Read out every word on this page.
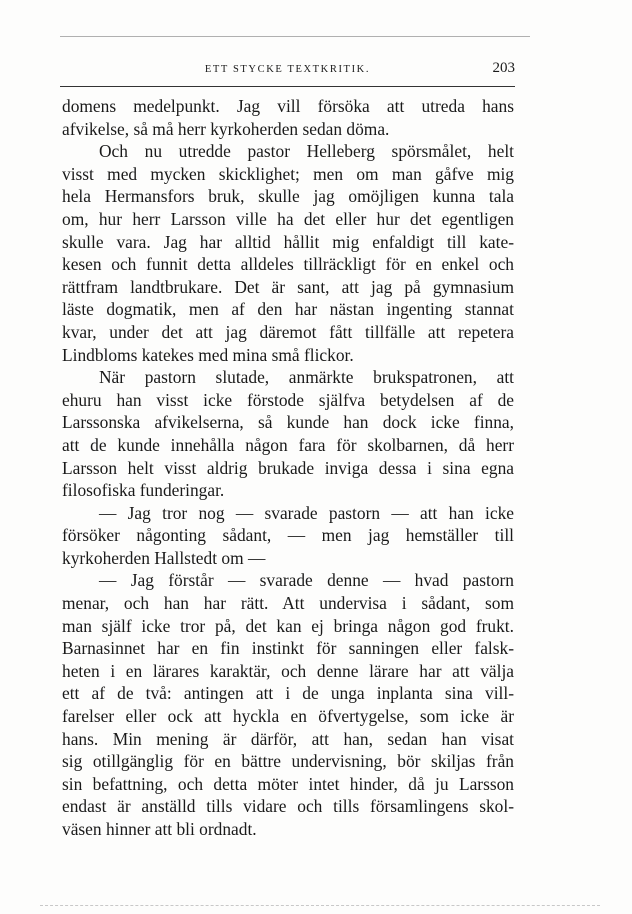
ETT STYCKE TEXTKRITIK.	203
domens medelpunkt. Jag vill försöka att utreda hans
afvikelse, så må herr kyrkoherden sedan döma.
Och nu utredde pastor Helleberg spörsmålet, helt
visst med mycken skicklighet; men om man gåfve mig
hela Hermansfors bruk, skulle jag omöjligen kunna tala
om, hur herr Larsson ville ha det eller hur det egentligen
skulle vara. Jag har alltid hållit mig enfaldigt till kate-
kesen och funnit detta alldeles tillräckligt för en enkel och
rättfram landtbrukare. Det är sant, att jag på gymnasium
läste dogmatik, men af den har nästan ingenting stannat
kvar, under det att jag däremot fått tillfälle att repetera
Lindbloms katekes med mina små flickor.
När pastorn slutade, anmärkte brukspatronen, att
ehuru han visst icke förstode själfva betydelsen af de
Larssonska afvikelserna, så kunde han dock icke finna,
att de kunde innehålla någon fara för skolbarnen, då herr
Larsson helt visst aldrig brukade inviga dessa i sina egna
filosofiska funderingar.
— Jag tror nog — svarade pastorn — att han icke
försöker någonting sådant, — men jag hemställer till
kyrkoherden Hallstedt om —
— Jag förstår — svarade denne — hvad pastorn
menar, och han har rätt. Att undervisa i sådant, som
man själf icke tror på, det kan ej bringa någon god frukt.
Barnasinnet har en fin instinkt för sanningen eller falsk-
heten i en lärares karaktär, och denne lärare har att välja
ett af de två: antingen att i de unga inplanta sina vill-
farelser eller ock att hyckla en öfvertygelse, som icke är
hans. Min mening är därför, att han, sedan han visat
sig otillgänglig för en bättre undervisning, bör skiljas från
sin befattning, och detta möter intet hinder, då ju Larsson
endast är anställd tills vidare och tills församlingens skol-
väsen hinner att bli ordnadt.
